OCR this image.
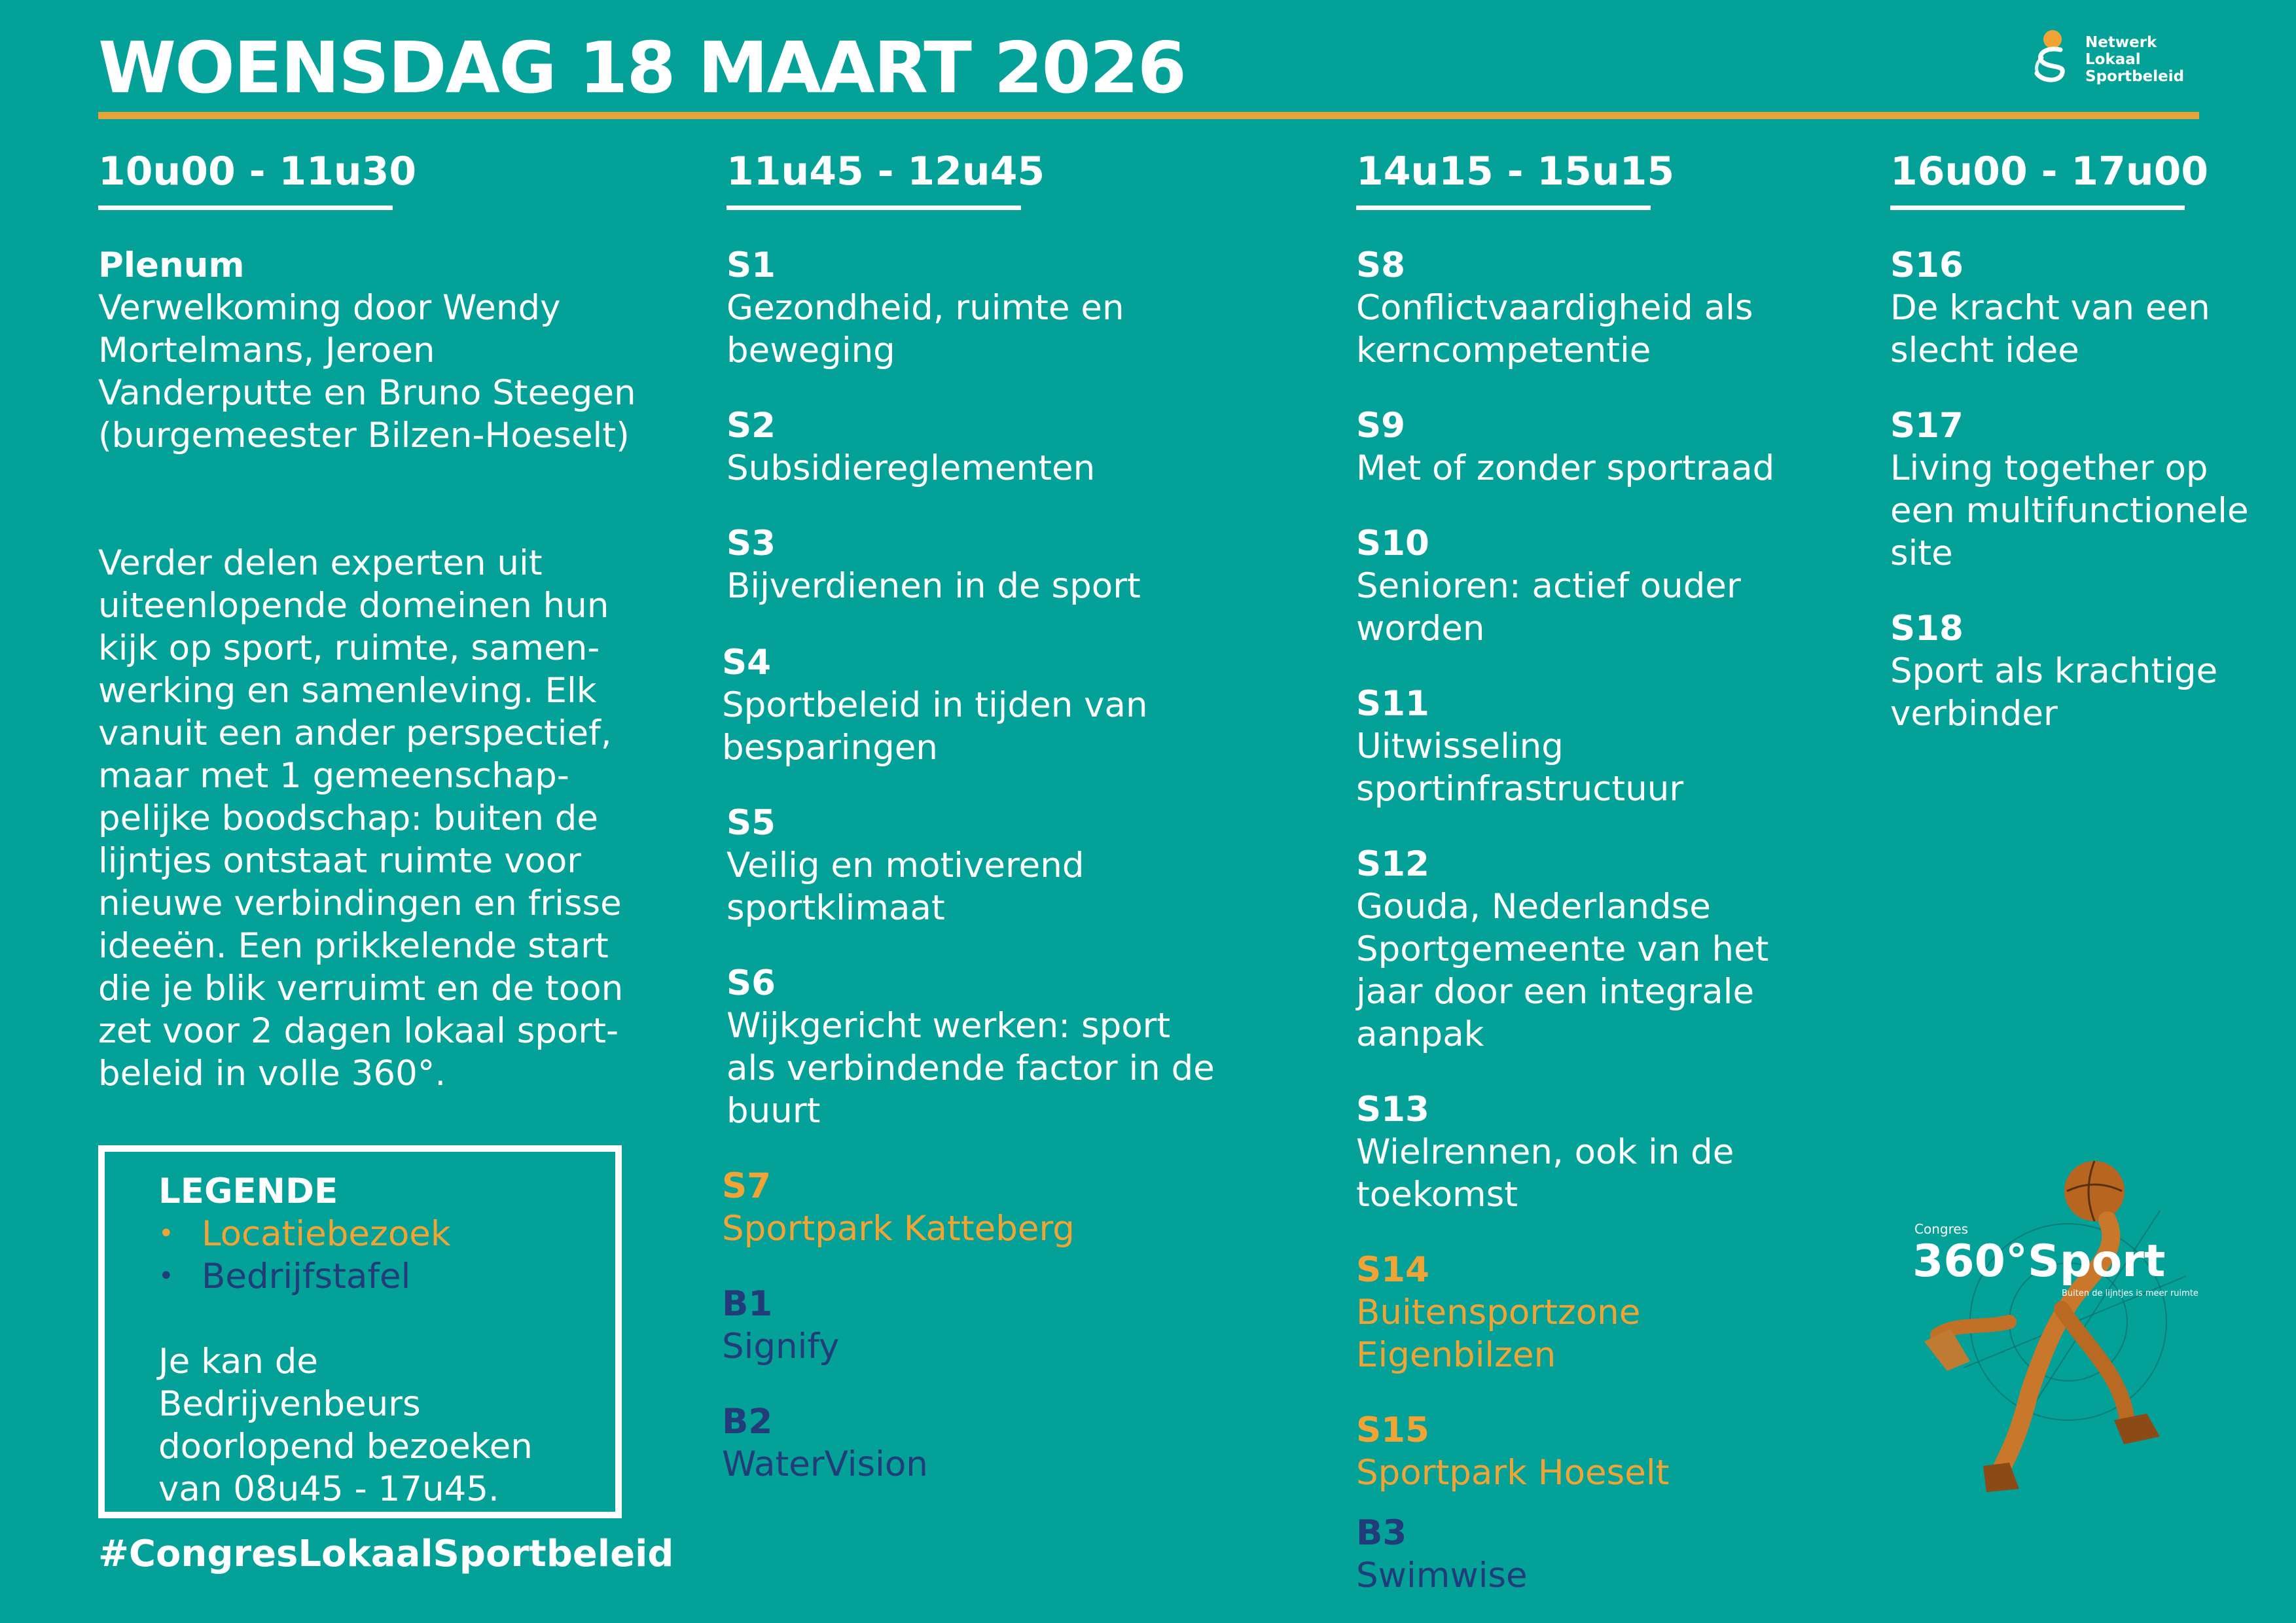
WOENSDAG 18 MAART 2026	Netwerk
Lokaal
Sportbeleid
10u00 - 11u30
Plenum
Verwelkoming door Wendy Mortelmans, Jeroen Vanderputte en Bruno Steegen (burgemeester Bilzen-Hoeselt)
Verder delen experten uit uiteenlopende domeinen hun kijk op sport, ruimte, samen-werking en samenleving. Elk vanuit een ander perspectief, maar met 1 gemeenschap-pelijke boodschap: buiten de lijntjes ontstaat ruimte voor nieuwe verbindingen en frisse ideeën. Een prikkelende start die je blik verruimt en de toon zet voor 2 dagen lokaal sport-beleid in volle 360°.
LEGENDE
• Locatiebezoek
• Bedrijfstafel
Je kan de Bedrijvenbeurs doorlopend bezoeken van 08u45 - 17u45.
#CongresLokaalSportbeleid
11u45 - 12u45
S1
Gezondheid, ruimte en beweging
S2
Subsidiereglementen
S3
Bijverdienen in de sport
S4
Sportbeleid in tijden van besparingen
S5
Veilig en motiverend sportklimaat
S6
Wijkgericht werken: sport als verbindende factor in de buurt
S7
Sportpark Katteberg
B1
Signify
B2
WaterVision
14u15 - 15u15
S8
Conflictvaardigheid als kerncompetentie
S9
Met of zonder sportraad
S10
Senioren: actief ouder worden
S11
Uitwisseling sportinfrastructuur
S12
Gouda, Nederlandse Sportgemeente van het jaar door een integrale aanpak
S13
Wielrennen, ook in de toekomst
S14
Buitensportzone Eigenbilzen
S15
Sportpark Hoeselt
B3
Swimwise
16u00 - 17u00
S16
De kracht van een slecht idee
S17
Living together op een multifunctionele site
S18
Sport als krachtige verbinder
Congres
360°Sport
Buiten de lijntjes is meer ruimte
